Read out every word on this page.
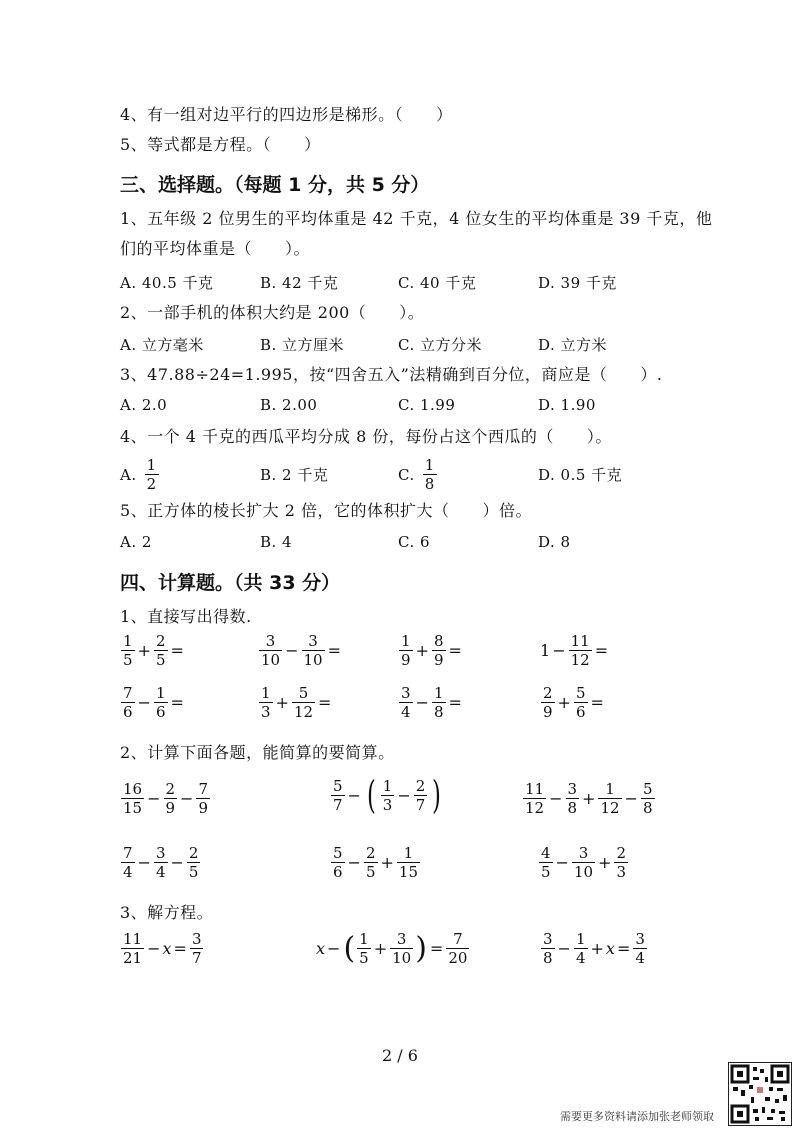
4、有一组对边平行的四边形是梯形。（　　）
5、等式都是方程。（　　）
三、选择题。（每题 1 分，共 5 分）
1、五年级 2 位男生的平均体重是 42 千克，4 位女生的平均体重是 39 千克，他
们的平均体重是（　　）。
A. 40.5 千克	B. 42 千克	C. 40 千克	D. 39 千克
2、一部手机的体积大约是 200（　　）。
A. 立方毫米	B. 立方厘米	C. 立方分米	D. 立方米
3、47.88÷24=1.995，按“四舍五入”法精确到百分位，商应是（　　）.
A. 2.0	B. 2.00	C. 1.99	D. 1.90
4、一个 4 千克的西瓜平均分成 8 份，每份占这个西瓜的（　　）。
A. $\frac{1}{2}$	B. 2 千克	C. $\frac{1}{8}$	D. 0.5 千克
5、正方体的棱长扩大 2 倍，它的体积扩大（　　）倍。
A. 2	B. 4	C. 6	D. 8
四、计算题。（共 33 分）
1、直接写出得数.
$\frac{1}{5} + \frac{2}{5}$ =	$\frac{3}{10} - \frac{3}{10}$ =	$\frac{1}{9} + \frac{8}{9}$ =	$1 - \frac{11}{12}$ =
$\frac{7}{6} - \frac{1}{6}$ =	$\frac{1}{3} + \frac{5}{12}$ =	$\frac{3}{4} - \frac{1}{8}$ =	$\frac{2}{9} + \frac{5}{6}$ =
2、计算下面各题，能简算的要简算。
$\frac{16}{15} - \frac{2}{9} - \frac{7}{9}$	$\frac{5}{7}$ − ( $\frac{1}{3} - \frac{2}{7}$ )	$\frac{11}{12} - \frac{3}{8} + \frac{1}{12} - \frac{5}{8}$
$\frac{7}{4} - \frac{3}{4} - \frac{2}{5}$	$\frac{5}{6} - \frac{2}{5} + \frac{1}{15}$	$\frac{4}{5} - \frac{3}{10} + \frac{2}{3}$
3、解方程。
$\frac{11}{21} - x = \frac{3}{7}$	x − ( $\frac{1}{5} + \frac{3}{10}$ ) = $\frac{7}{20}$	$\frac{3}{8} - \frac{1}{4} + x = \frac{3}{4}$
2 / 6
需要更多资料请添加张老师领取
